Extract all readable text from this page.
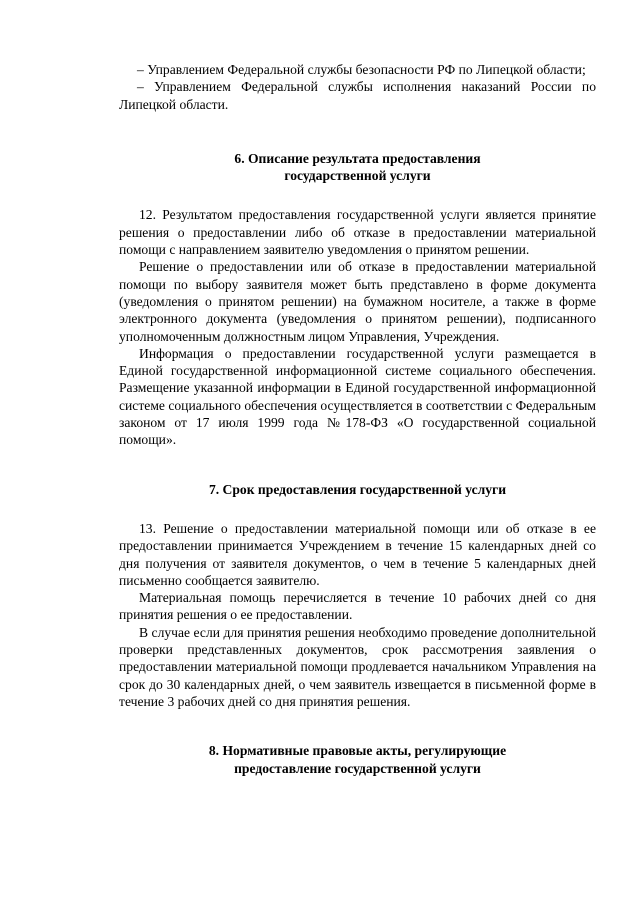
– Управлением Федеральной службы безопасности РФ по Липецкой области;

– Управлением Федеральной службы исполнения наказаний России по Липецкой области.

6. Описание результата предоставления
государственной услуги

12. Результатом предоставления государственной услуги является принятие решения о предоставлении либо об отказе в предоставлении материальной помощи с направлением заявителю уведомления о принятом решении.

Решение о предоставлении или об отказе в предоставлении материальной помощи по выбору заявителя может быть представлено в форме документа (уведомления о принятом решении) на бумажном носителе, а также в форме электронного документа (уведомления о принятом решении), подписанного уполномоченным должностным лицом Управления, Учреждения.

Информация о предоставлении государственной услуги размещается в Единой государственной информационной системе социального обеспечения. Размещение указанной информации в Единой государственной информационной системе социального обеспечения осуществляется в соответствии с Федеральным законом от 17 июля 1999 года №178-ФЗ «О государственной социальной помощи».

7. Срок предоставления государственной услуги

13. Решение о предоставлении материальной помощи или об отказе в ее предоставлении принимается Учреждением в течение 15 календарных дней со дня получения от заявителя документов, о чем в течение 5 календарных дней письменно сообщается заявителю.

Материальная помощь перечисляется в течение 10 рабочих дней со дня принятия решения о ее предоставлении.

В случае если для принятия решения необходимо проведение дополнительной проверки представленных документов, срок рассмотрения заявления о предоставлении материальной помощи продлевается начальником Управления на срок до 30 календарных дней, о чем заявитель извещается в письменной форме в течение 3 рабочих дней со дня принятия решения.

8. Нормативные правовые акты, регулирующие
предоставление государственной услуги
